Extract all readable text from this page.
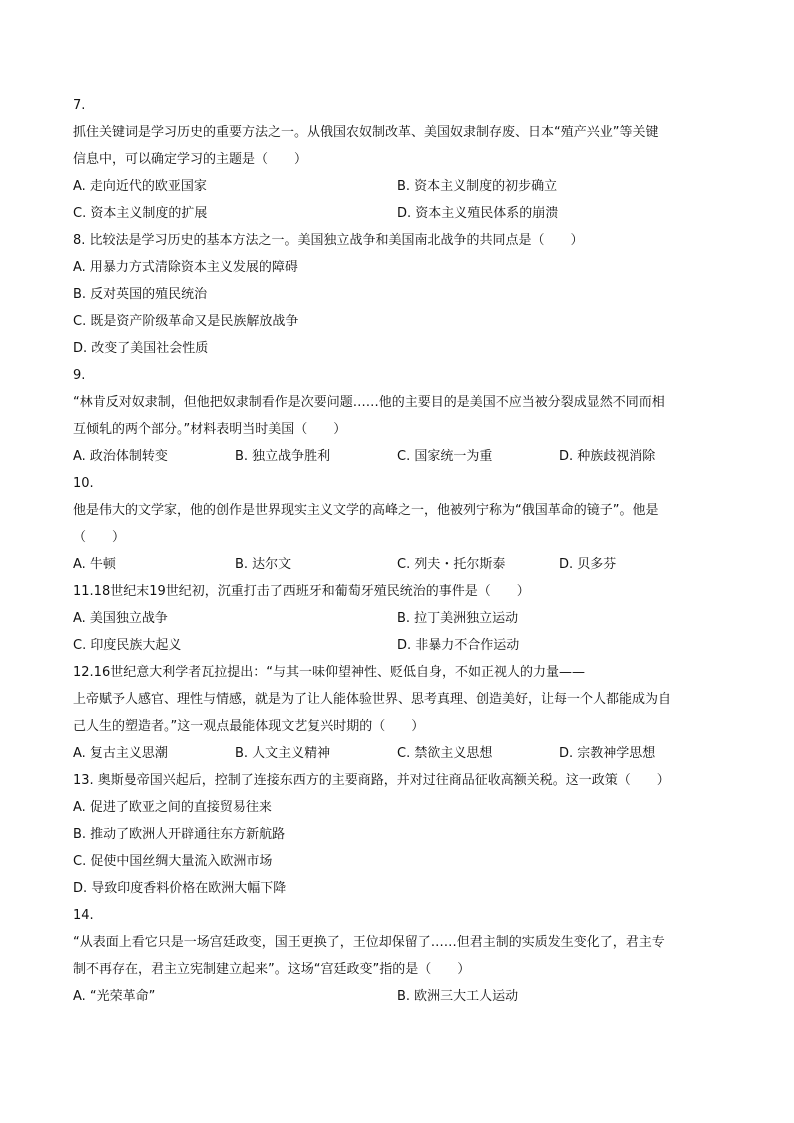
7.
抓住关键词是学习历史的重要方法之一。从俄国农奴制改革、美国奴隶制存废、日本“殖产兴业”等关键
信息中，可以确定学习的主题是（　　）
A. 走向近代的欧亚国家	B. 资本主义制度的初步确立
C. 资本主义制度的扩展	D. 资本主义殖民体系的崩溃
8. 比较法是学习历史的基本方法之一。美国独立战争和美国南北战争的共同点是（　　）
A. 用暴力方式清除资本主义发展的障碍
B. 反对英国的殖民统治
C. 既是资产阶级革命又是民族解放战争
D. 改变了美国社会性质
9.
“林肯反对奴隶制，但他把奴隶制看作是次要问题……他的主要目的是美国不应当被分裂成显然不同而相
互倾轧的两个部分。”材料表明当时美国（　　）
A. 政治体制转变	B. 独立战争胜利	C. 国家统一为重	D. 种族歧视消除
10.
他是伟大的文学家，他的创作是世界现实主义文学的高峰之一，他被列宁称为“俄国革命的镜子”。他是
（　　）
A. 牛顿	B. 达尔文	C. 列夫・托尔斯泰	D. 贝多芬
11.18世纪末19世纪初，沉重打击了西班牙和葡萄牙殖民统治的事件是（　　）
A. 美国独立战争	B. 拉丁美洲独立运动
C. 印度民族大起义	D. 非暴力不合作运动
12.16世纪意大利学者瓦拉提出：“与其一味仰望神性、贬低自身，不如正视人的力量——
上帝赋予人感官、理性与情感，就是为了让人能体验世界、思考真理、创造美好，让每一个人都能成为自
己人生的塑造者。”这一观点最能体现文艺复兴时期的（　　）
A. 复古主义思潮	B. 人文主义精神	C. 禁欲主义思想	D. 宗教神学思想
13. 奥斯曼帝国兴起后，控制了连接东西方的主要商路，并对过往商品征收高额关税。这一政策（　　）
A. 促进了欧亚之间的直接贸易往来
B. 推动了欧洲人开辟通往东方新航路
C. 促使中国丝绸大量流入欧洲市场
D. 导致印度香料价格在欧洲大幅下降
14.
“从表面上看它只是一场宫廷政变，国王更换了，王位却保留了……但君主制的实质发生变化了，君主专
制不再存在，君主立宪制建立起来”。这场“宫廷政变”指的是（　　）
A. “光荣革命”	B. 欧洲三大工人运动
